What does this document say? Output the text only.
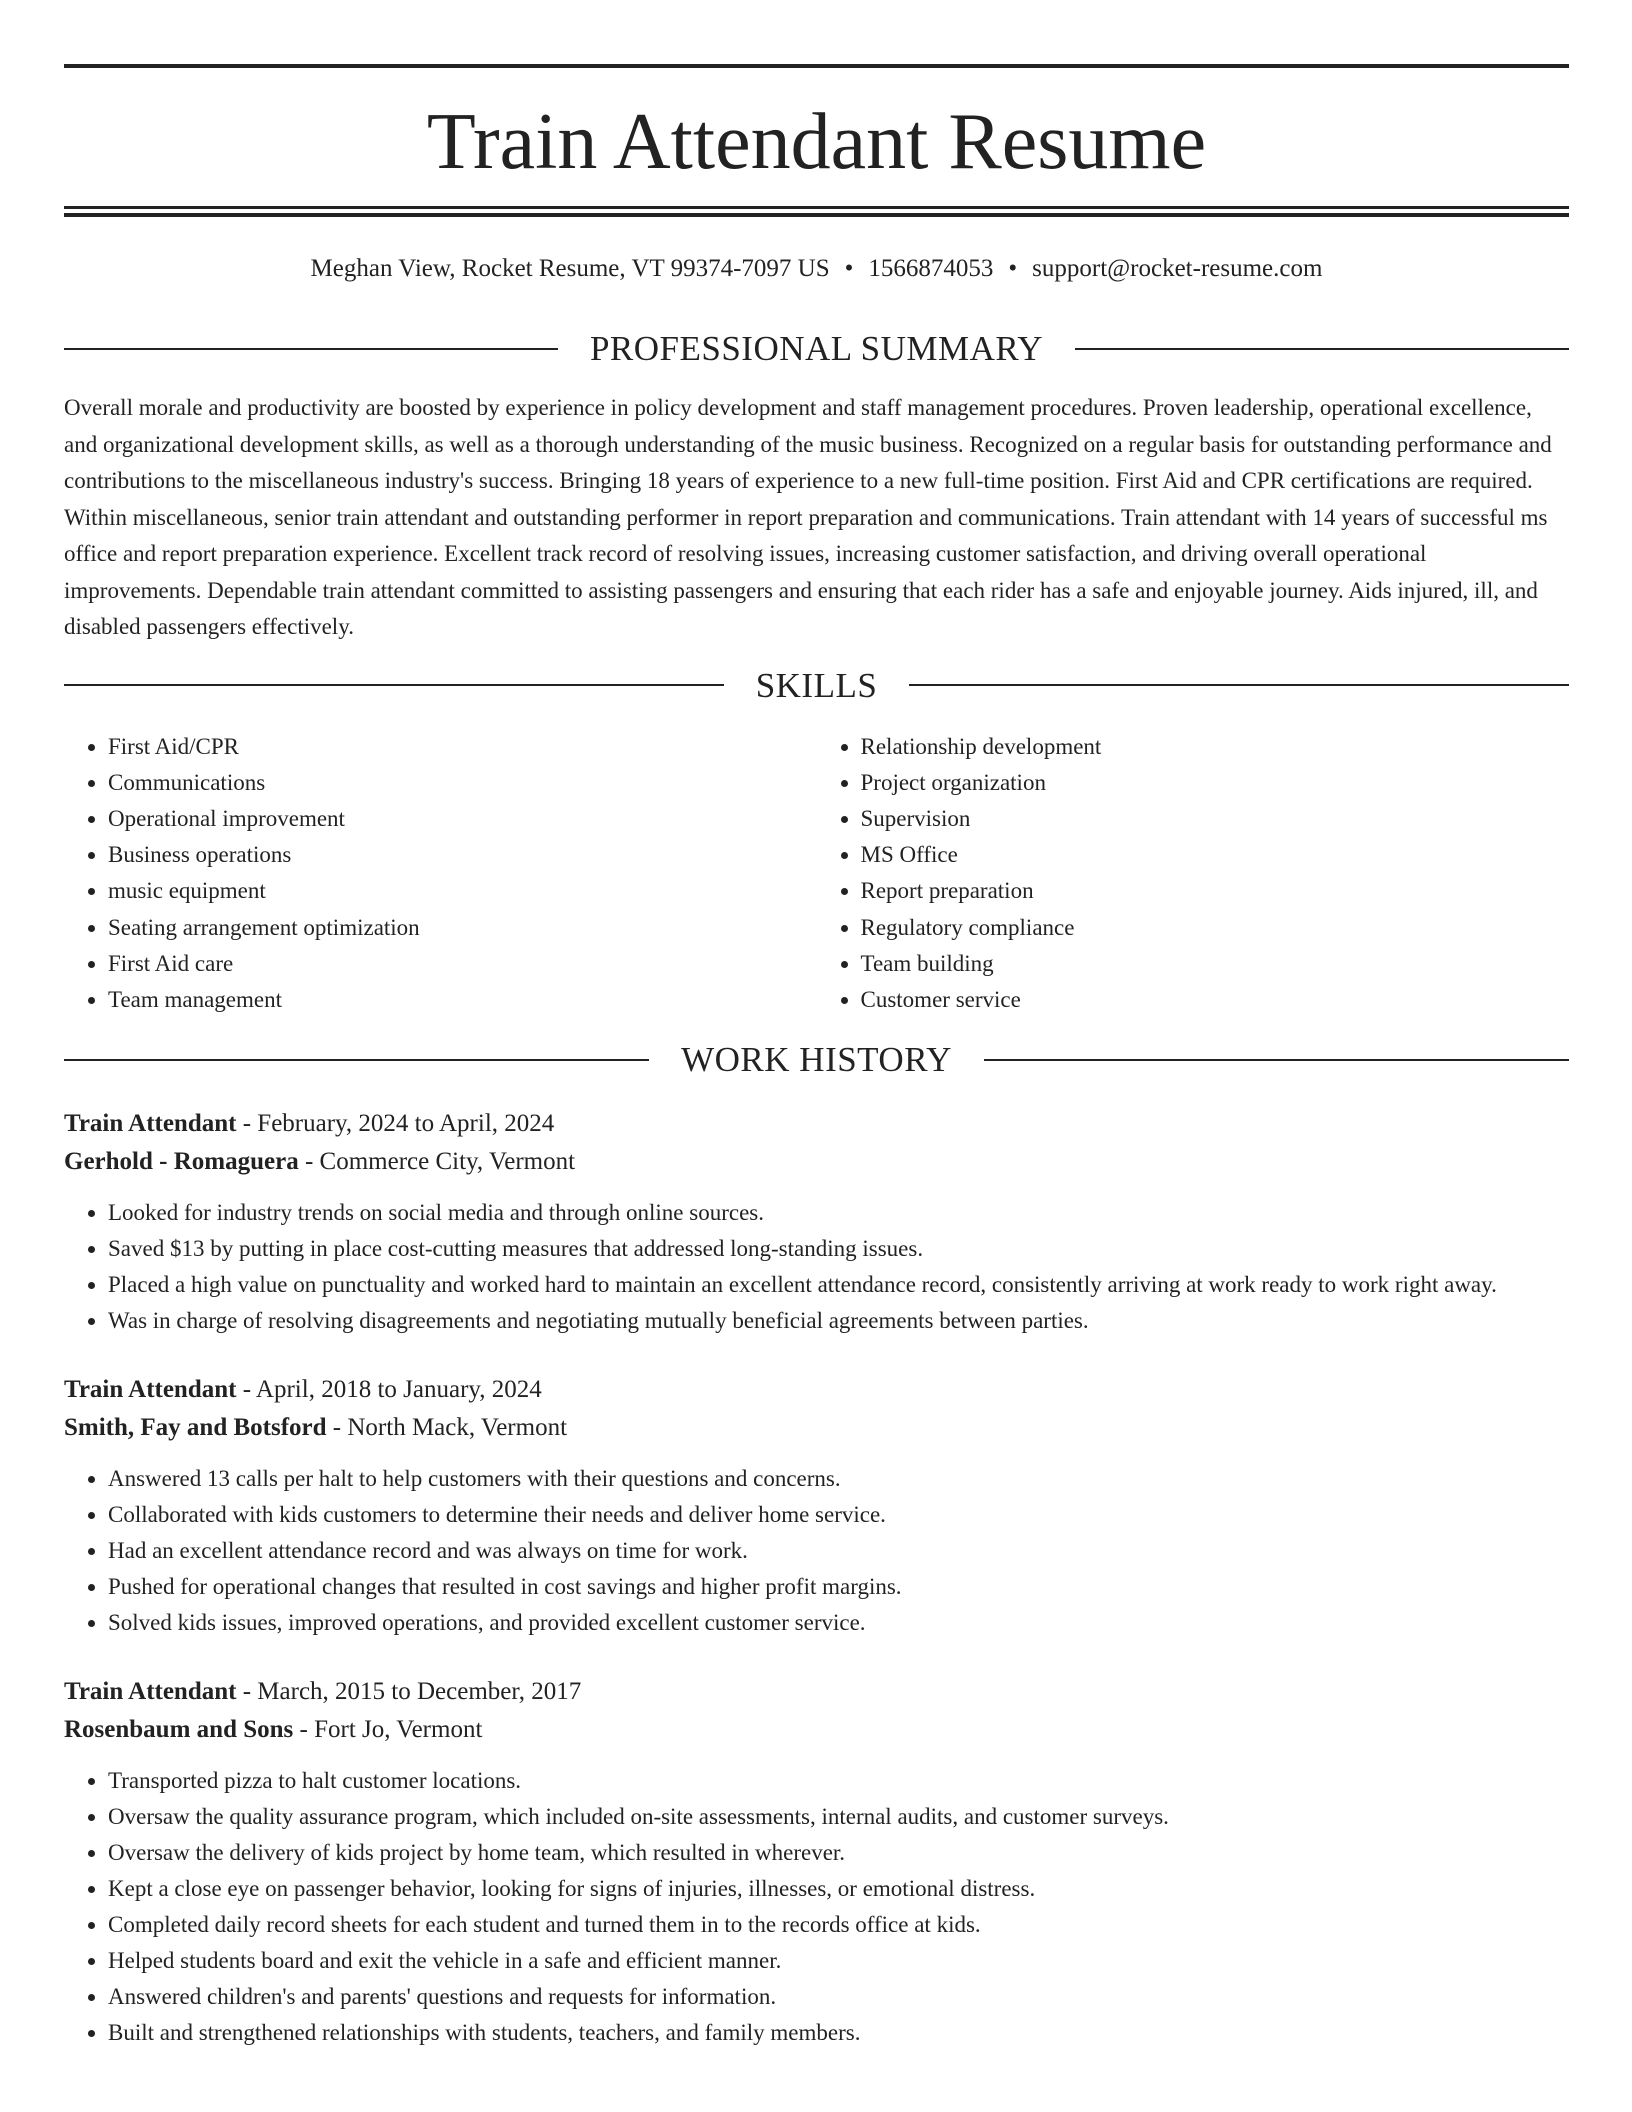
Train Attendant Resume
Meghan View, Rocket Resume, VT 99374-7097 US • 1566874053 • support@rocket-resume.com
PROFESSIONAL SUMMARY
Overall morale and productivity are boosted by experience in policy development and staff management procedures. Proven leadership, operational excellence, and organizational development skills, as well as a thorough understanding of the music business. Recognized on a regular basis for outstanding performance and contributions to the miscellaneous industry's success. Bringing 18 years of experience to a new full-time position. First Aid and CPR certifications are required. Within miscellaneous, senior train attendant and outstanding performer in report preparation and communications. Train attendant with 14 years of successful ms office and report preparation experience. Excellent track record of resolving issues, increasing customer satisfaction, and driving overall operational improvements. Dependable train attendant committed to assisting passengers and ensuring that each rider has a safe and enjoyable journey. Aids injured, ill, and disabled passengers effectively.
SKILLS
• First Aid/CPR
• Communications
• Operational improvement
• Business operations
• music equipment
• Seating arrangement optimization
• First Aid care
• Team management
• Relationship development
• Project organization
• Supervision
• MS Office
• Report preparation
• Regulatory compliance
• Team building
• Customer service
WORK HISTORY
Train Attendant - February, 2024 to April, 2024
Gerhold - Romaguera - Commerce City, Vermont
• Looked for industry trends on social media and through online sources.
• Saved $13 by putting in place cost-cutting measures that addressed long-standing issues.
• Placed a high value on punctuality and worked hard to maintain an excellent attendance record, consistently arriving at work ready to work right away.
• Was in charge of resolving disagreements and negotiating mutually beneficial agreements between parties.
Train Attendant - April, 2018 to January, 2024
Smith, Fay and Botsford - North Mack, Vermont
• Answered 13 calls per halt to help customers with their questions and concerns.
• Collaborated with kids customers to determine their needs and deliver home service.
• Had an excellent attendance record and was always on time for work.
• Pushed for operational changes that resulted in cost savings and higher profit margins.
• Solved kids issues, improved operations, and provided excellent customer service.
Train Attendant - March, 2015 to December, 2017
Rosenbaum and Sons - Fort Jo, Vermont
• Transported pizza to halt customer locations.
• Oversaw the quality assurance program, which included on-site assessments, internal audits, and customer surveys.
• Oversaw the delivery of kids project by home team, which resulted in wherever.
• Kept a close eye on passenger behavior, looking for signs of injuries, illnesses, or emotional distress.
• Completed daily record sheets for each student and turned them in to the records office at kids.
• Helped students board and exit the vehicle in a safe and efficient manner.
• Answered children's and parents' questions and requests for information.
• Built and strengthened relationships with students, teachers, and family members.
